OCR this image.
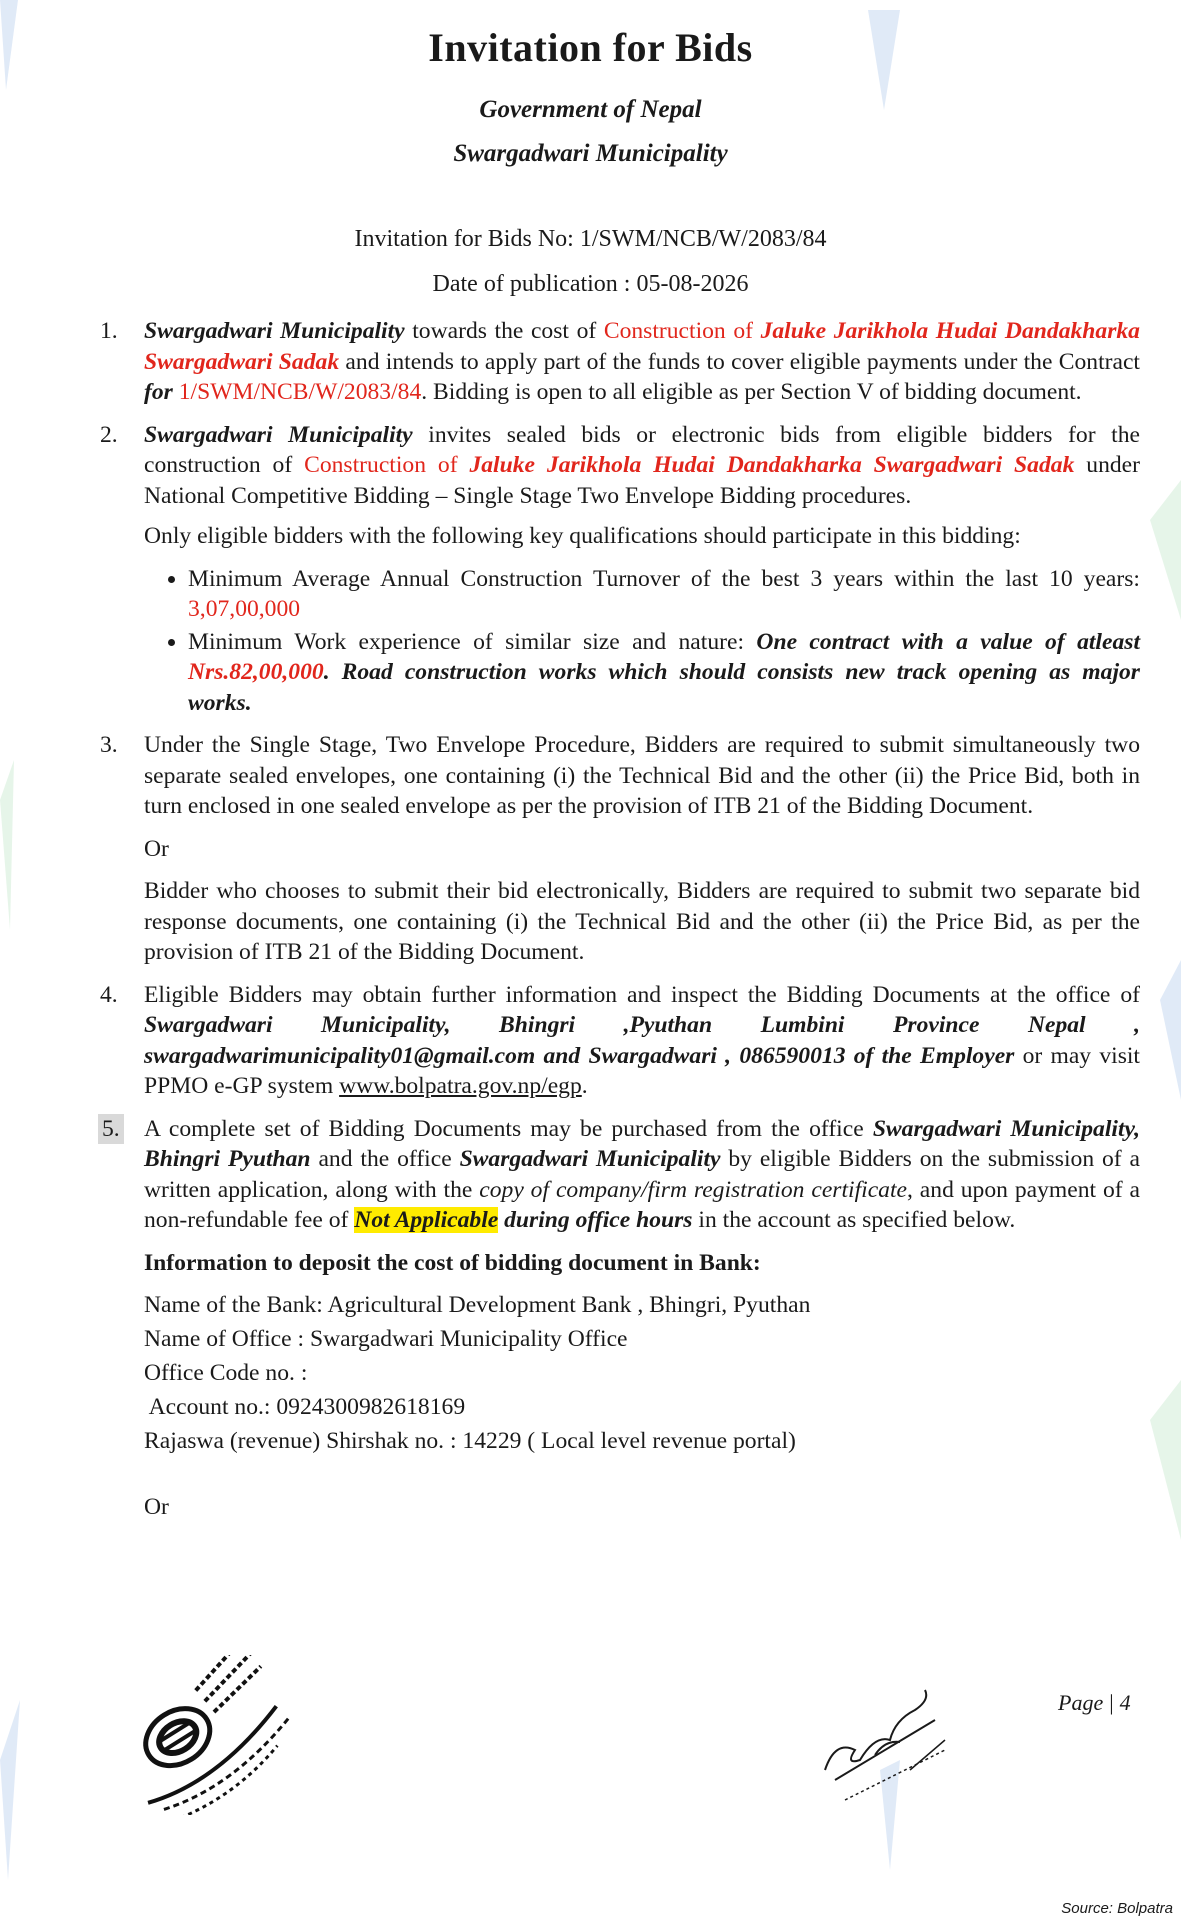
Invitation for Bids
Government of Nepal
Swargadwari Municipality
Invitation for Bids No: 1/SWM/NCB/W/2083/84
Date of publication : 05-08-2026
1. Swargadwari Municipality towards the cost of Construction of Jaluke Jarikhola Hudai Dandakharka Swargadwari Sadak and intends to apply part of the funds to cover eligible payments under the Contract for 1/SWM/NCB/W/2083/84. Bidding is open to all eligible as per Section V of bidding document.
2. Swargadwari Municipality invites sealed bids or electronic bids from eligible bidders for the construction of Construction of Jaluke Jarikhola Hudai Dandakharka Swargadwari Sadak under National Competitive Bidding – Single Stage Two Envelope Bidding procedures.

Only eligible bidders with the following key qualifications should participate in this bidding:

• Minimum Average Annual Construction Turnover of the best 3 years within the last 10 years: 3,07,00,000
• Minimum Work experience of similar size and nature: One contract with a value of atleast Nrs.82,00,000. Road construction works which should consists new track opening as major works.
3. Under the Single Stage, Two Envelope Procedure, Bidders are required to submit simultaneously two separate sealed envelopes, one containing (i) the Technical Bid and the other (ii) the Price Bid, both in turn enclosed in one sealed envelope as per the provision of ITB 21 of the Bidding Document.

Or

Bidder who chooses to submit their bid electronically, Bidders are required to submit two separate bid response documents, one containing (i) the Technical Bid and the other (ii) the Price Bid, as per the provision of ITB 21 of the Bidding Document.

4. Eligible Bidders may obtain further information and inspect the Bidding Documents at the office of Swargadwari Municipality, Bhingri ,Pyuthan Lumbini Province Nepal , swargadwarimunicipality01@gmail.com and Swargadwari , 086590013 of the Employer or may visit PPMO e-GP system www.bolpatra.gov.np/egp.
5. A complete set of Bidding Documents may be purchased from the office Swargadwari Municipality, Bhingri Pyuthan and the office Swargadwari Municipality by eligible Bidders on the submission of a written application, along with the copy of company/firm registration certificate, and upon payment of a non-refundable fee of Not Applicable during office hours in the account as specified below.

Information to deposit the cost of bidding document in Bank:

Name of the Bank: Agricultural Development Bank , Bhingri, Pyuthan

Name of Office : Swargadwari Municipality Office

Office Code no. :

Account no.: 0924300982618169

Rajaswa (revenue) Shirshak no. : 14229 ( Local level revenue portal)

Or

Page | 4
Source: Bolpatra
